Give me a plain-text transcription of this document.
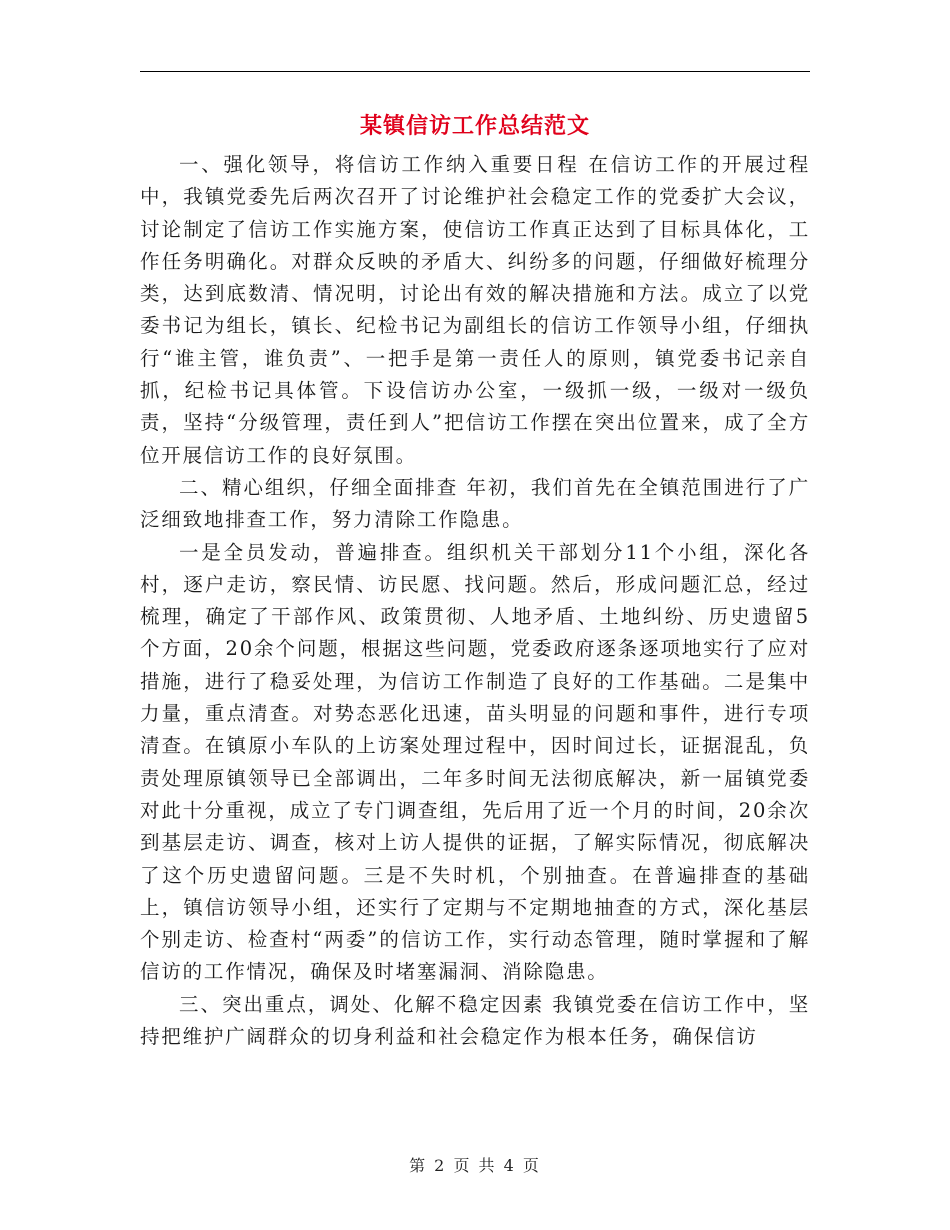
某镇信访工作总结范文

一、强化领导，将信访工作纳入重要日程 在信访工作的开展过程中，我镇党委先后两次召开了讨论维护社会稳定工作的党委扩大会议，讨论制定了信访工作实施方案，使信访工作真正达到了目标具体化，工作任务明确化。对群众反映的矛盾大、纠纷多的问题，仔细做好梳理分类，达到底数清、情况明，讨论出有效的解决措施和方法。成立了以党委书记为组长，镇长、纪检书记为副组长的信访工作领导小组，仔细执行“谁主管，谁负责”、一把手是第一责任人的原则，镇党委书记亲自抓，纪检书记具体管。下设信访办公室，一级抓一级，一级对一级负责，坚持“分级管理，责任到人”把信访工作摆在突出位置来，成了全方位开展信访工作的良好氛围。

二、精心组织，仔细全面排查 年初，我们首先在全镇范围进行了广泛细致地排查工作，努力清除工作隐患。

一是全员发动，普遍排查。组织机关干部划分11个小组，深化各村，逐户走访，察民情、访民愿、找问题。然后，形成问题汇总，经过梳理，确定了干部作风、政策贯彻、人地矛盾、土地纠纷、历史遗留5个方面，20余个问题，根据这些问题，党委政府逐条逐项地实行了应对措施，进行了稳妥处理，为信访工作制造了良好的工作基础。二是集中力量，重点清查。对势态恶化迅速，苗头明显的问题和事件，进行专项清查。在镇原小车队的上访案处理过程中，因时间过长，证据混乱，负责处理原镇领导已全部调出，二年多时间无法彻底解决，新一届镇党委对此十分重视，成立了专门调查组，先后用了近一个月的时间，20余次到基层走访、调查，核对上访人提供的证据，了解实际情况，彻底解决了这个历史遗留问题。三是不失时机，个别抽查。在普遍排查的基础上，镇信访领导小组，还实行了定期与不定期地抽查的方式，深化基层个别走访、检查村“两委”的信访工作，实行动态管理，随时掌握和了解信访的工作情况，确保及时堵塞漏洞、消除隐患。

三、突出重点，调处、化解不稳定因素 我镇党委在信访工作中，坚持把维护广阔群众的切身利益和社会稳定作为根本任务，确保信访

第 2 页 共 4 页
